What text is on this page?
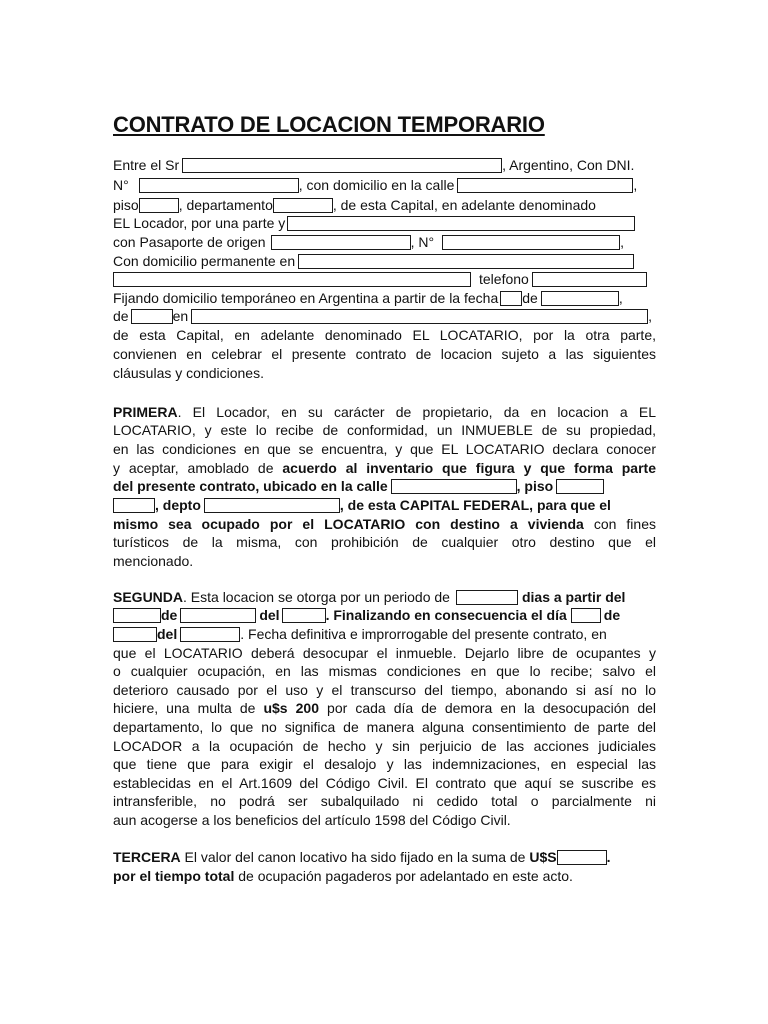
CONTRATO DE LOCACION TEMPORARIO
Entre el Sr	, Argentino, Con DNI.
N°	, con domicilio en la calle	,
piso	, departamento	, de esta Capital, en adelante denominado
EL Locador, por una parte y
con Pasaporte de origen	, N°	,
Con domicilio permanente en
telefono
Fijando domicilio temporáneo en Argentina a partir de la fecha de	,
de	en	,
de esta Capital, en adelante denominado EL LOCATARIO, por la otra parte,
convienen en celebrar el presente contrato de locacion sujeto a las siguientes
cláusulas y condiciones.
PRIMERA. El Locador, en su carácter de propietario, da en locacion a EL
LOCATARIO, y este lo recibe de conformidad, un INMUEBLE de su propiedad,
en las condiciones en que se encuentra, y que EL LOCATARIO declara conocer
y aceptar, amoblado de acuerdo al inventario que figura y que forma parte
del presente contrato, ubicado en la calle	, piso
, depto	, de esta CAPITAL FEDERAL, para que el
mismo sea ocupado por el LOCATARIO con destino a vivienda con fines
turísticos de la misma, con prohibición de cualquier otro destino que el
mencionado.
SEGUNDA. Esta locacion se otorga por un periodo de	dias a partir del
de	del	. Finalizando en consecuencia el día	de
del	. Fecha definitiva e improrrogable del presente contrato, en
que el LOCATARIO deberá desocupar el inmueble. Dejarlo libre de ocupantes y
o cualquier ocupación, en las mismas condiciones en que lo recibe; salvo el
deterioro causado por el uso y el transcurso del tiempo, abonando si así no lo
hiciere, una multa de u$s 200 por cada día de demora en la desocupación del
departamento, lo que no significa de manera alguna consentimiento de parte del
LOCADOR a la ocupación de hecho y sin perjuicio de las acciones judiciales
que tiene que para exigir el desalojo y las indemnizaciones, en especial las
establecidas en el Art.1609 del Código Civil. El contrato que aquí se suscribe es
intransferible, no podrá ser subalquilado ni cedido total o parcialmente ni
aun acogerse a los beneficios del artículo 1598 del Código Civil.
TERCERA El valor del canon locativo ha sido fijado en la suma de U$S	.
por el tiempo total de ocupación pagaderos por adelantado en este acto.
